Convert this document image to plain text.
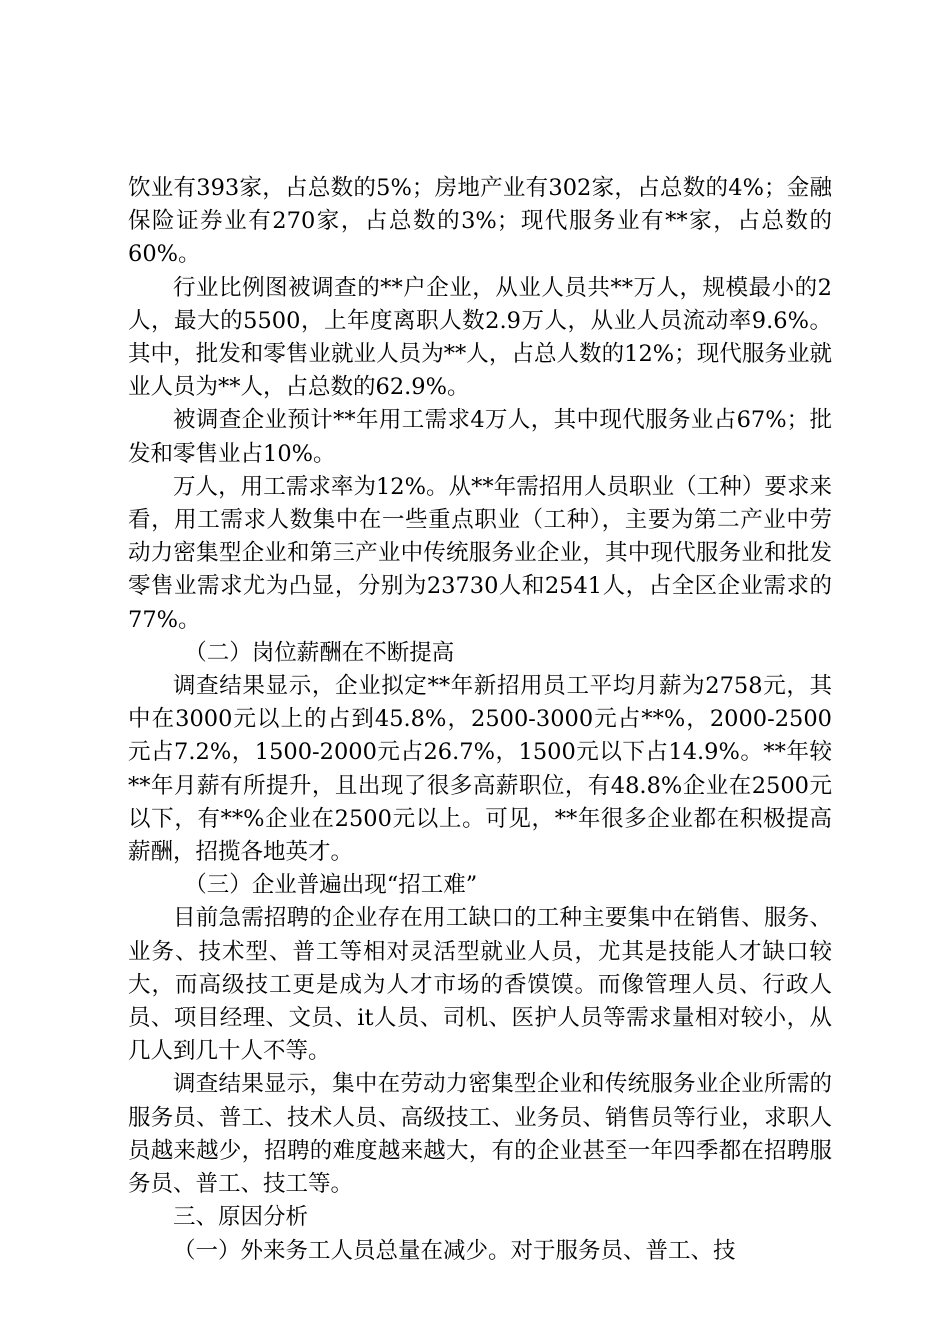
饮业有393家，占总数的5%；房地产业有302家，占总数的4%；金融保险证券业有270家，占总数的3%；现代服务业有**家，占总数的60%。

行业比例图被调查的**户企业，从业人员共**万人，规模最小的2人，最大的5500，上年度离职人数2.9万人，从业人员流动率9.6%。其中，批发和零售业就业人员为**人，占总人数的12%；现代服务业就业人员为**人，占总数的62.9%。

被调查企业预计**年用工需求4万人，其中现代服务业占67%；批发和零售业占10%。

万人，用工需求率为12%。从**年需招用人员职业（工种）要求来看，用工需求人数集中在一些重点职业（工种），主要为第二产业中劳动力密集型企业和第三产业中传统服务业企业，其中现代服务业和批发零售业需求尤为凸显，分别为23730人和2541人，占全区企业需求的77%。

（二）岗位薪酬在不断提高

调查结果显示，企业拟定**年新招用员工平均月薪为2758元，其中在3000元以上的占到45.8%，2500-3000元占**%，2000-2500元占7.2%，1500-2000元占26.7%，1500元以下占14.9%。**年较**年月薪有所提升，且出现了很多高薪职位，有48.8%企业在2500元以下，有**%企业在2500元以上。可见，**年很多企业都在积极提高薪酬，招揽各地英才。

（三）企业普遍出现“招工难”

目前急需招聘的企业存在用工缺口的工种主要集中在销售、服务、业务、技术型、普工等相对灵活型就业人员，尤其是技能人才缺口较大，而高级技工更是成为人才市场的香馍馍。而像管理人员、行政人员、项目经理、文员、it人员、司机、医护人员等需求量相对较小，从几人到几十人不等。

调查结果显示，集中在劳动力密集型企业和传统服务业企业所需的服务员、普工、技术人员、高级技工、业务员、销售员等行业，求职人员越来越少，招聘的难度越来越大，有的企业甚至一年四季都在招聘服务员、普工、技工等。

三、原因分析

（一）外来务工人员总量在减少。对于服务员、普工、技
